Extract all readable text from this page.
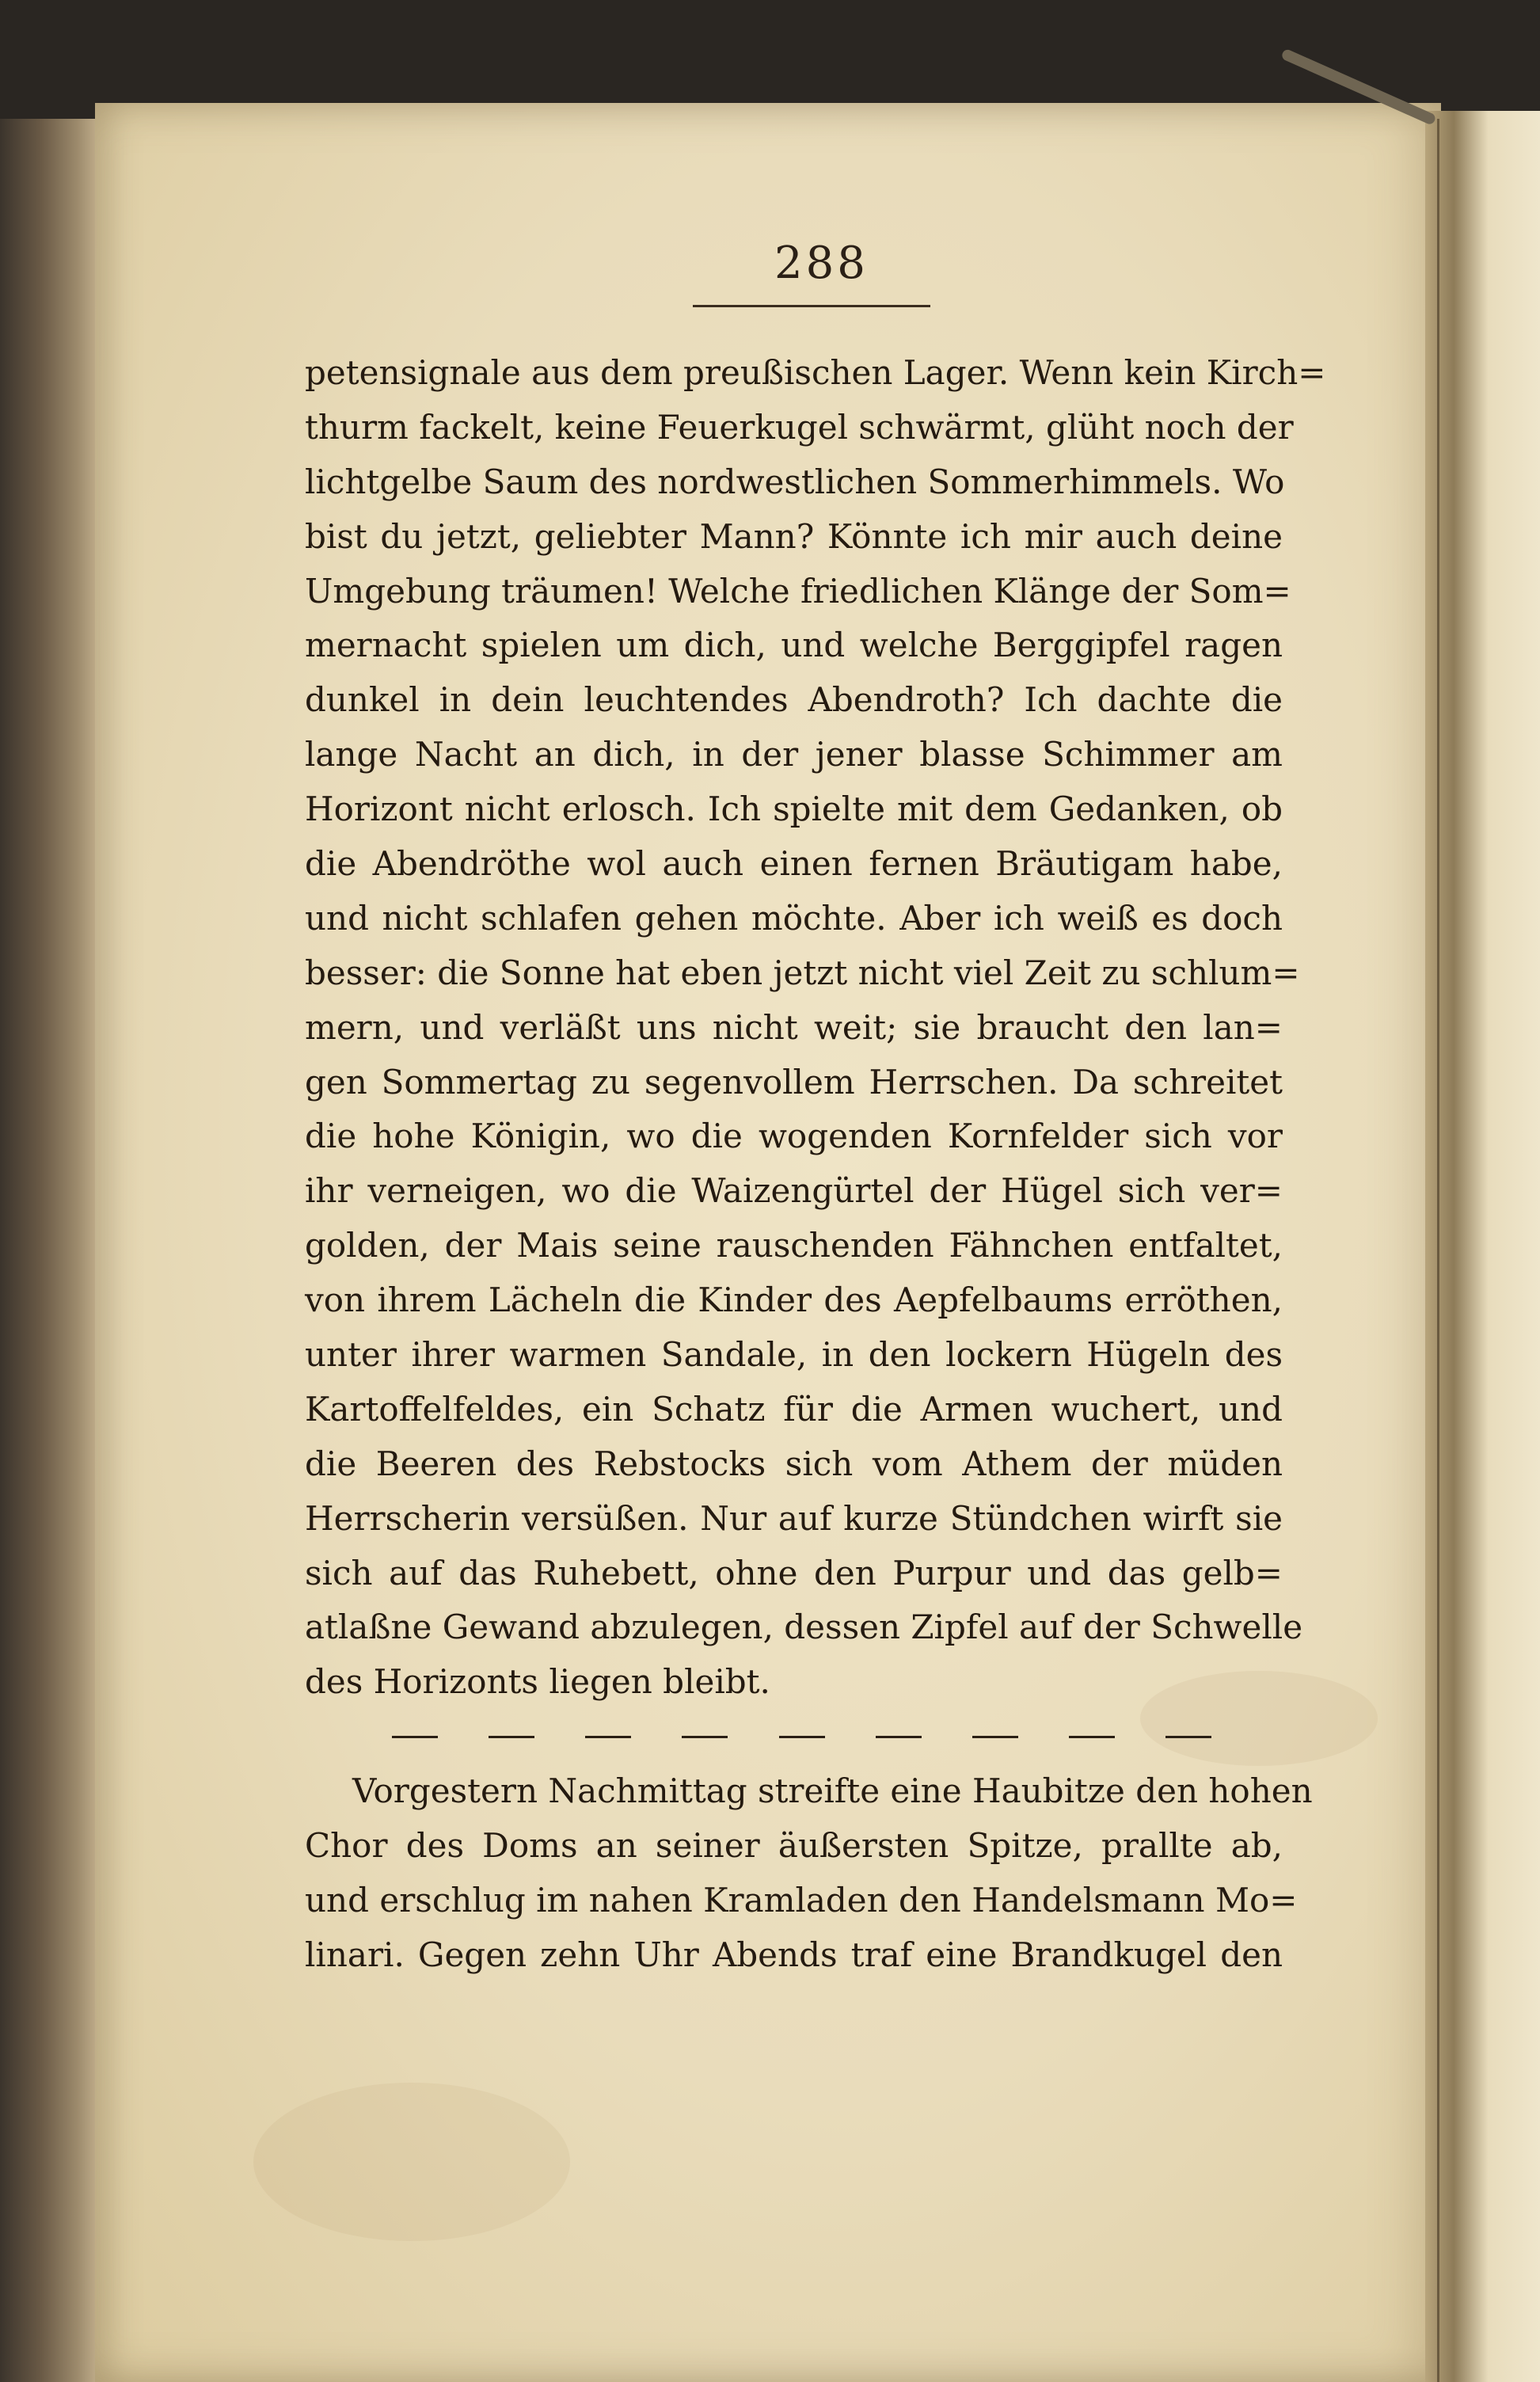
288
petensignale aus dem preußischen Lager. Wenn kein Kirch=
thurm fackelt, keine Feuerkugel schwärmt, glüht noch der
lichtgelbe Saum des nordwestlichen Sommerhimmels. Wo
bist du jetzt, geliebter Mann? Könnte ich mir auch deine
Umgebung träumen! Welche friedlichen Klänge der Som=
mernacht spielen um dich, und welche Berggipfel ragen
dunkel in dein leuchtendes Abendroth? Ich dachte die
lange Nacht an dich, in der jener blasse Schimmer am
Horizont nicht erlosch. Ich spielte mit dem Gedanken, ob
die Abendröthe wol auch einen fernen Bräutigam habe,
und nicht schlafen gehen möchte. Aber ich weiß es doch
besser: die Sonne hat eben jetzt nicht viel Zeit zu schlum=
mern, und verläßt uns nicht weit; sie braucht den lan=
gen Sommertag zu segenvollem Herrschen. Da schreitet
die hohe Königin, wo die wogenden Kornfelder sich vor
ihr verneigen, wo die Waizengürtel der Hügel sich ver=
golden, der Mais seine rauschenden Fähnchen entfaltet,
von ihrem Lächeln die Kinder des Aepfelbaums erröthen,
unter ihrer warmen Sandale, in den lockern Hügeln des
Kartoffelfeldes, ein Schatz für die Armen wuchert, und
die Beeren des Rebstocks sich vom Athem der müden
Herrscherin versüßen. Nur auf kurze Stündchen wirft sie
sich auf das Ruhebett, ohne den Purpur und das gelb=
atlaßne Gewand abzulegen, dessen Zipfel auf der Schwelle
des Horizonts liegen bleibt.
Vorgestern Nachmittag streifte eine Haubitze den hohen
Chor des Doms an seiner äußersten Spitze, prallte ab,
und erschlug im nahen Kramladen den Handelsmann Mo=
linari. Gegen zehn Uhr Abends traf eine Brandkugel den
